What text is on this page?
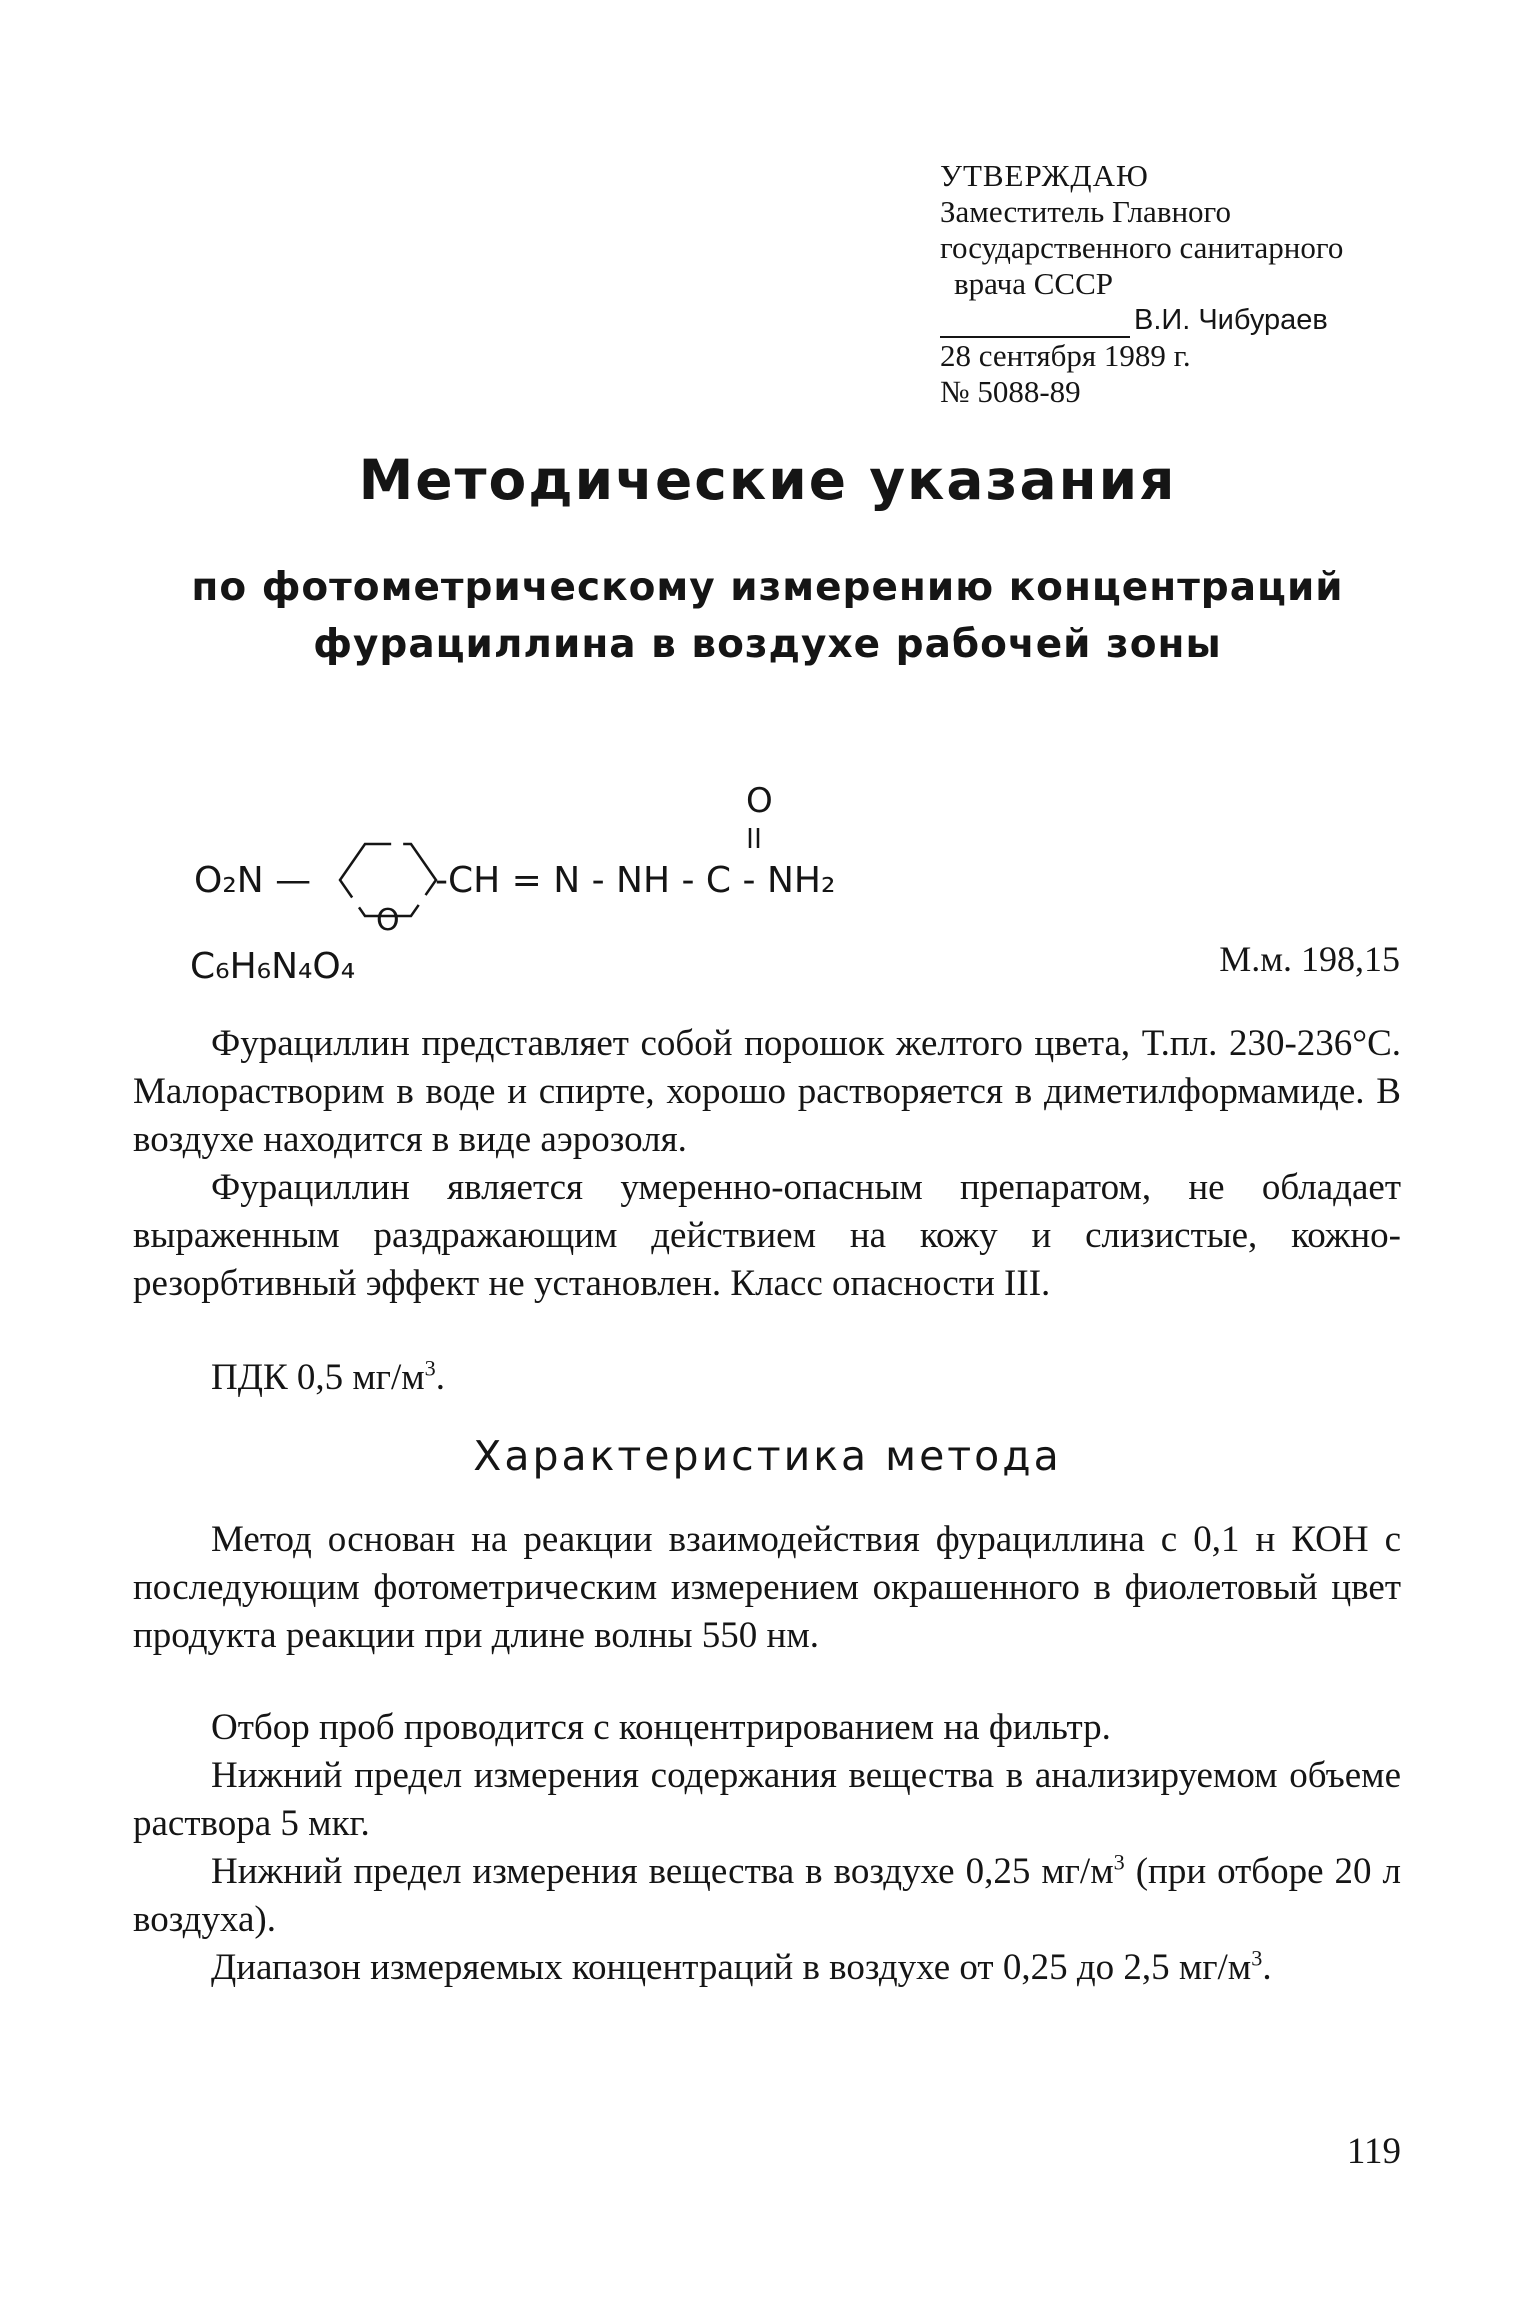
УТВЕРЖДАЮ
Заместитель Главного
государственного санитарного
врача СССР
В.И. Чибураев
28 сентября 1989 г.
№ 5088-89
Методические указания
по фотометрическому измерению концентраций
фурациллина в воздухе рабочей зоны
O
O₂N —
O
-CH = N - NH - C - NH₂
C₆H₆N₄O₄	М.м. 198,15
Фурациллин представляет собой порошок желтого цвета, Т.пл. 230-236°С. Малорастворим в воде и спирте, хорошо растворяется в диметилформамиде. В воздухе находится в виде аэрозоля.
Фурациллин является умеренно-опасным препаратом, не обладает выраженным раздражающим действием на кожу и слизистые, кожно-резорбтивный эффект не установлен. Класс опасности III.
ПДК 0,5 $мг/м^3$.
Характеристика метода
Метод основан на реакции взаимодействия фурациллина с 0,1 н КОН с последующим фотометрическим измерением окрашенного в фиолетовый цвет продукта реакции при длине волны 550 нм.
Отбор проб проводится с концентрированием на фильтр.
Нижний предел измерения содержания вещества в анализируемом объеме раствора 5 мкг.
Нижний предел измерения вещества в воздухе 0,25 $мг/м^3$ (при отборе 20 л воздуха).
Диапазон измеряемых концентраций в воздухе от 0,25 до 2,5 $мг/м^3$.
119
